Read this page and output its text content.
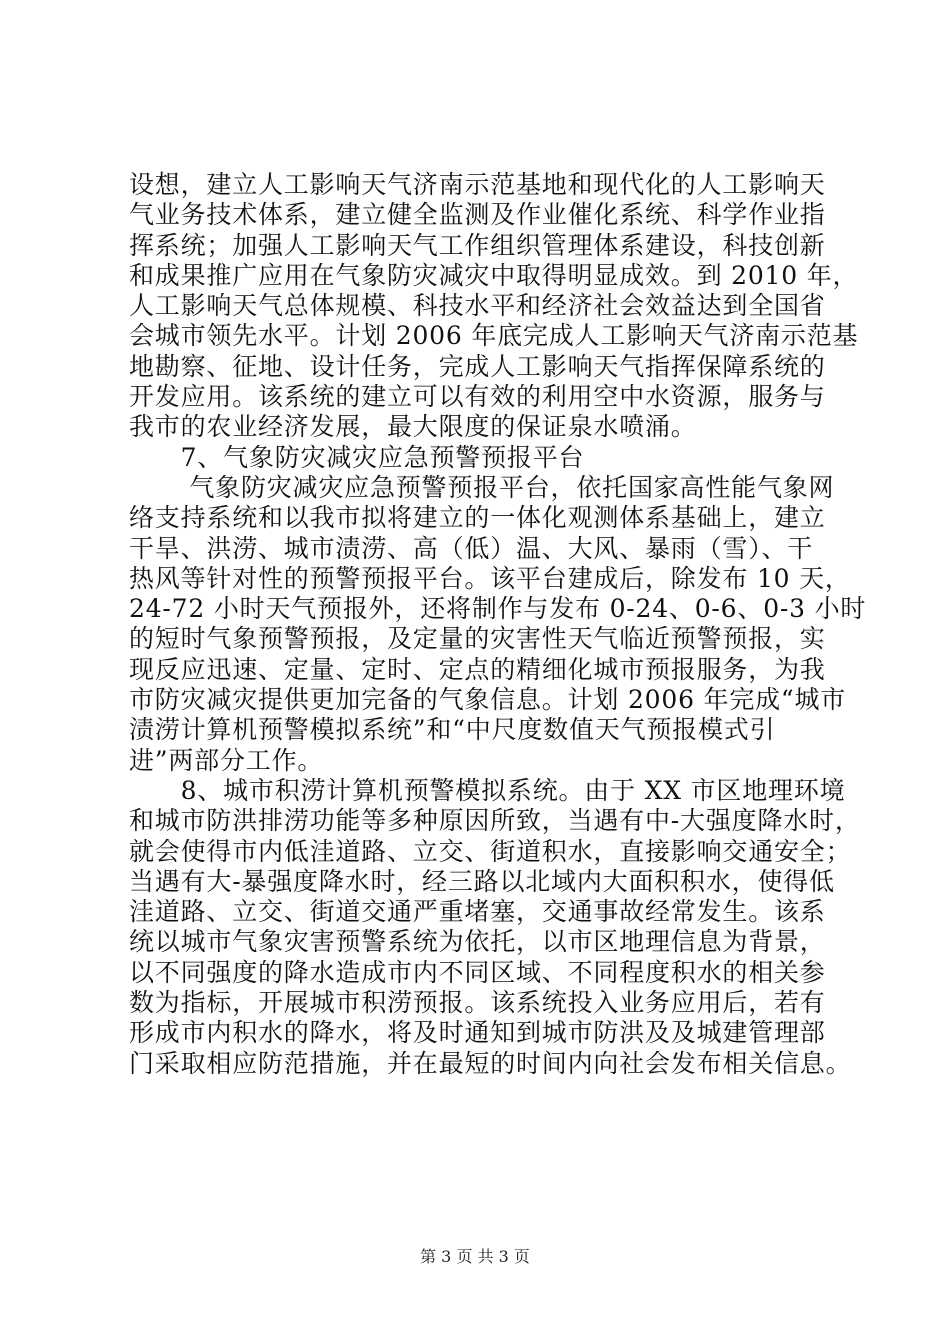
设想，建立人工影响天气济南示范基地和现代化的人工影响天
气业务技术体系，建立健全监测及作业催化系统、科学作业指
挥系统；加强人工影响天气工作组织管理体系建设，科技创新
和成果推广应用在气象防灾减灾中取得明显成效。到 2010 年，
人工影响天气总体规模、科技水平和经济社会效益达到全国省
会城市领先水平。计划 2006 年底完成人工影响天气济南示范基
地勘察、征地、设计任务，完成人工影响天气指挥保障系统的
开发应用。该系统的建立可以有效的利用空中水资源，服务与
我市的农业经济发展，最大限度的保证泉水喷涌。
　　7、气象防灾减灾应急预警预报平台
　　 气象防灾减灾应急预警预报平台，依托国家高性能气象网
络支持系统和以我市拟将建立的一体化观测体系基础上，建立
干旱、洪涝、城市渍涝、高（低）温、大风、暴雨（雪）、干
热风等针对性的预警预报平台。该平台建成后，除发布 10 天，
24-72 小时天气预报外，还将制作与发布 0-24、0-6、0-3 小时
的短时气象预警预报，及定量的灾害性天气临近预警预报，实
现反应迅速、定量、定时、定点的精细化城市预报服务，为我
市防灾减灾提供更加完备的气象信息。计划 2006 年完成“城市
渍涝计算机预警模拟系统”和“中尺度数值天气预报模式引
进”两部分工作。
　　8、城市积涝计算机预警模拟系统。由于 XX 市区地理环境
和城市防洪排涝功能等多种原因所致，当遇有中-大强度降水时，
就会使得市内低洼道路、立交、街道积水，直接影响交通安全；
当遇有大-暴强度降水时，经三路以北域内大面积积水，使得低
洼道路、立交、街道交通严重堵塞，交通事故经常发生。该系
统以城市气象灾害预警系统为依托，以市区地理信息为背景，
以不同强度的降水造成市内不同区域、不同程度积水的相关参
数为指标，开展城市积涝预报。该系统投入业务应用后，若有
形成市内积水的降水，将及时通知到城市防洪及及城建管理部
门采取相应防范措施，并在最短的时间内向社会发布相关信息。
第 3 页 共 3 页
